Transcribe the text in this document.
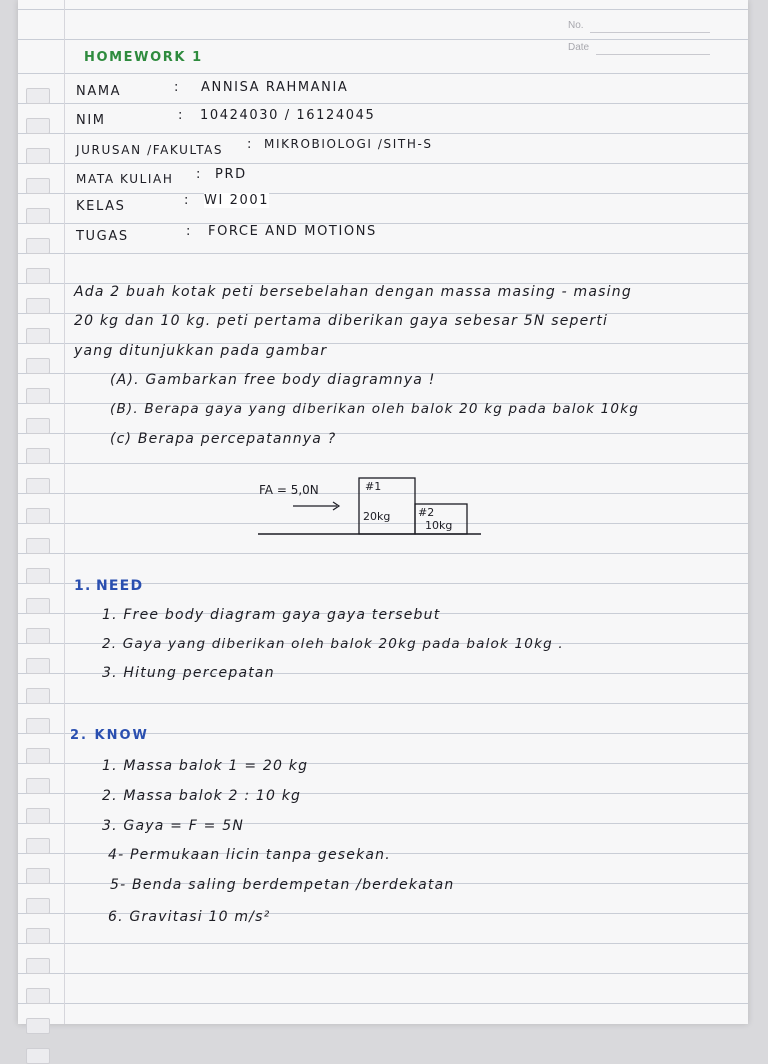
No.
Date
HOMEWORK 1
NAMA	: ANNISA RAHMANIA
NIM	: 10424030 / 16124045
JURUSAN /FAKULTAS : MIKROBIOLOGI /SITH-S
MATA KULIAH : PRD
KELAS	: WI 2001
TUGAS	: FORCE AND MOTIONS
Ada 2 buah kotak peti bersebelahan dengan massa masing - masing
20 kg dan 10 kg. peti pertama diberikan gaya sebesar 5N seperti
yang ditunjukkan pada gambar
(A). Gambarkan free body diagramnya !
(B). Berapa gaya yang diberikan oleh balok 20 kg pada balok 10kg
(c) Berapa percepatannya ?
FA = 5,0N	#1
20kg	#2
10kg
1. NEED
1. Free body diagram gaya gaya tersebut
2. Gaya yang diberikan oleh balok 20kg pada balok 10kg .
3. Hitung percepatan
2. KNOW
1. Massa balok 1 = 20 kg
2. Massa balok 2 : 10 kg
3. Gaya = F = 5N
4- Permukaan licin tanpa gesekan.
5- Benda saling berdempetan /berdekatan
6. Gravitasi 10 m/s²
